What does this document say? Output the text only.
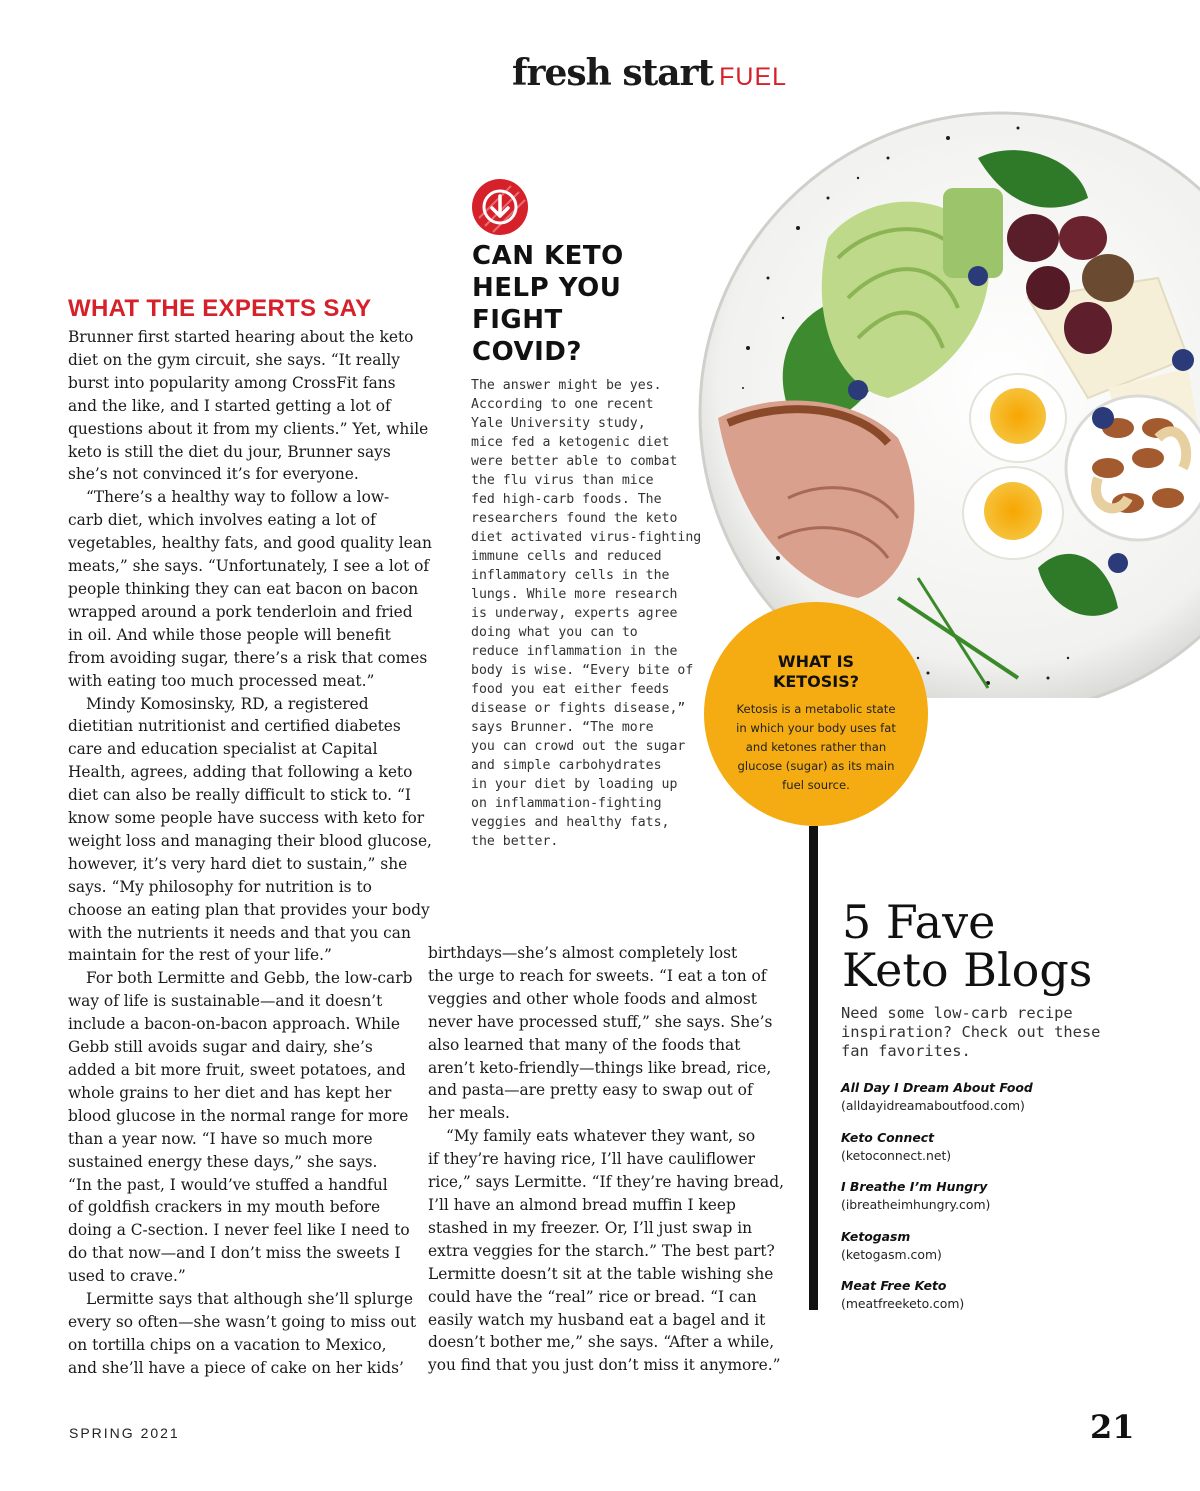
fresh start FUEL
CAN KETO
HELP YOU
FIGHT
COVID?
The answer might be yes.
According to one recent
Yale University study,
mice fed a ketogenic diet
were better able to combat
the flu virus than mice
fed high-carb foods. The
researchers found the keto
diet activated virus-fighting
immune cells and reduced
inflammatory cells in the
lungs. While more research
is underway, experts agree
doing what you can to
reduce inflammation in the
body is wise. “Every bite of
food you eat either feeds
disease or fights disease,”
says Brunner. “The more
you can crowd out the sugar
and simple carbohydrates
in your diet by loading up
on inflammation-fighting
veggies and healthy fats,
the better.
WHAT THE EXPERTS SAY
Brunner first started hearing about the keto
diet on the gym circuit, she says. “It really
burst into popularity among CrossFit fans
and the like, and I started getting a lot of
questions about it from my clients.” Yet, while
keto is still the diet du jour, Brunner says
she’s not convinced it’s for everyone.
“There’s a healthy way to follow a low-
carb diet, which involves eating a lot of
vegetables, healthy fats, and good quality lean
meats,” she says. “Unfortunately, I see a lot of
people thinking they can eat bacon on bacon
wrapped around a pork tenderloin and fried
in oil. And while those people will benefit
from avoiding sugar, there’s a risk that comes
with eating too much processed meat.”
Mindy Komosinsky, RD, a registered
dietitian nutritionist and certified diabetes
care and education specialist at Capital
Health, agrees, adding that following a keto
diet can also be really difficult to stick to. “I
know some people have success with keto for
weight loss and managing their blood glucose,
however, it’s very hard diet to sustain,” she
says. “My philosophy for nutrition is to
choose an eating plan that provides your body
with the nutrients it needs and that you can
maintain for the rest of your life.”
For both Lermitte and Gebb, the low-carb
way of life is sustainable—and it doesn’t
include a bacon-on-bacon approach. While
Gebb still avoids sugar and dairy, she’s
added a bit more fruit, sweet potatoes, and
whole grains to her diet and has kept her
blood glucose in the normal range for more
than a year now. “I have so much more
sustained energy these days,” she says.
“In the past, I would’ve stuffed a handful
of goldfish crackers in my mouth before
doing a C-section. I never feel like I need to
do that now—and I don’t miss the sweets I
used to crave.”
Lermitte says that although she’ll splurge
every so often—she wasn’t going to miss out
on tortilla chips on a vacation to Mexico,
and she’ll have a piece of cake on her kids’
birthdays—she’s almost completely lost
the urge to reach for sweets. “I eat a ton of
veggies and other whole foods and almost
never have processed stuff,” she says. She’s
also learned that many of the foods that
aren’t keto-friendly—things like bread, rice,
and pasta—are pretty easy to swap out of
her meals.
“My family eats whatever they want, so
if they’re having rice, I’ll have cauliflower
rice,” says Lermitte. “If they’re having bread,
I’ll have an almond bread muffin I keep
stashed in my freezer. Or, I’ll just swap in
extra veggies for the starch.” The best part?
Lermitte doesn’t sit at the table wishing she
could have the “real” rice or bread. “I can
easily watch my husband eat a bagel and it
doesn’t bother me,” she says. “After a while,
you find that you just don’t miss it anymore.”
WHAT IS
KETOSIS?
Ketosis is a metabolic state
in which your body uses fat
and ketones rather than
glucose (sugar) as its main
fuel source.
5 Fave
Keto Blogs
Need some low-carb recipe
inspiration? Check out these
fan favorites.
All Day I Dream About Food
(alldayidreamaboutfood.com)
Keto Connect
(ketoconnect.net)
I Breathe I’m Hungry
(ibreatheimhungry.com)
Ketogasm
(ketogasm.com)
Meat Free Keto
(meatfreeketo.com)
SPRING 2021	21
